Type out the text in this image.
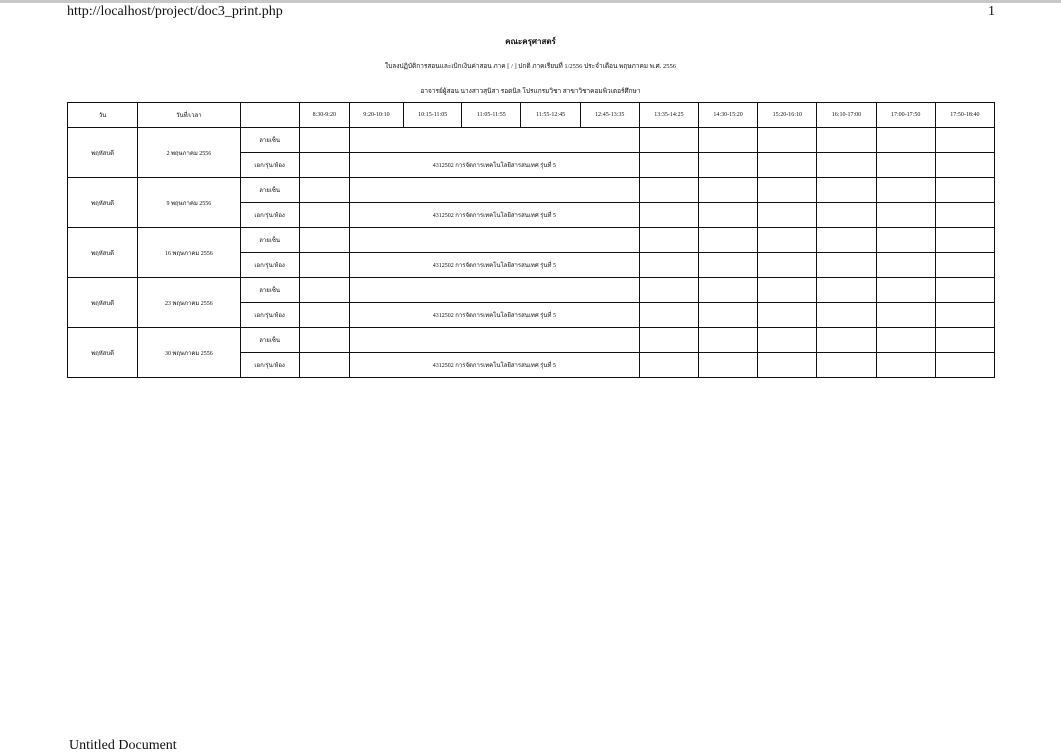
http://localhost/project/doc3_print.php	1
คณะครุศาสตร์
ใบลงปฏิบัติการสอนและเบิกเงินค่าสอน ภาค [ / ] ปกติ ภาคเรียนที่ 1/2556 ประจำเดือน พฤษภาคม พ.ศ. 2556
อาจารย์ผู้สอน นางสาวสุนิสา รอดนิล โปรแกรมวิชา สาขาวิชาคอมพิวเตอร์ศึกษา
วัน	วันที่/เวลา		8:30-9:20	9:20-10:10	10:15-11:05	11:05-11:55	11:55-12:45	12:45-13:35	13:35-14:25	14:30-15:20	15:20-16:10	16:10-17:00	17:00-17:50	17:50-18:40
พฤหัสบดี	2 พฤษภาคม 2556	ลายเซ็น												
		เอก/รุ่น/ห้อง		4312502 การจัดการเทคโนโลยีสารสนเทศ รุ่นที่ 5										
พฤหัสบดี	9 พฤษภาคม 2556	ลายเซ็น												
		เอก/รุ่น/ห้อง		4312502 การจัดการเทคโนโลยีสารสนเทศ รุ่นที่ 5										
พฤหัสบดี	16 พฤษภาคม 2556	ลายเซ็น												
		เอก/รุ่น/ห้อง		4312502 การจัดการเทคโนโลยีสารสนเทศ รุ่นที่ 5										
พฤหัสบดี	23 พฤษภาคม 2556	ลายเซ็น												
		เอก/รุ่น/ห้อง		4312502 การจัดการเทคโนโลยีสารสนเทศ รุ่นที่ 5										
พฤหัสบดี	30 พฤษภาคม 2556	ลายเซ็น												
		เอก/รุ่น/ห้อง		4312502 การจัดการเทคโนโลยีสารสนเทศ รุ่นที่ 5										
Untitled Document
